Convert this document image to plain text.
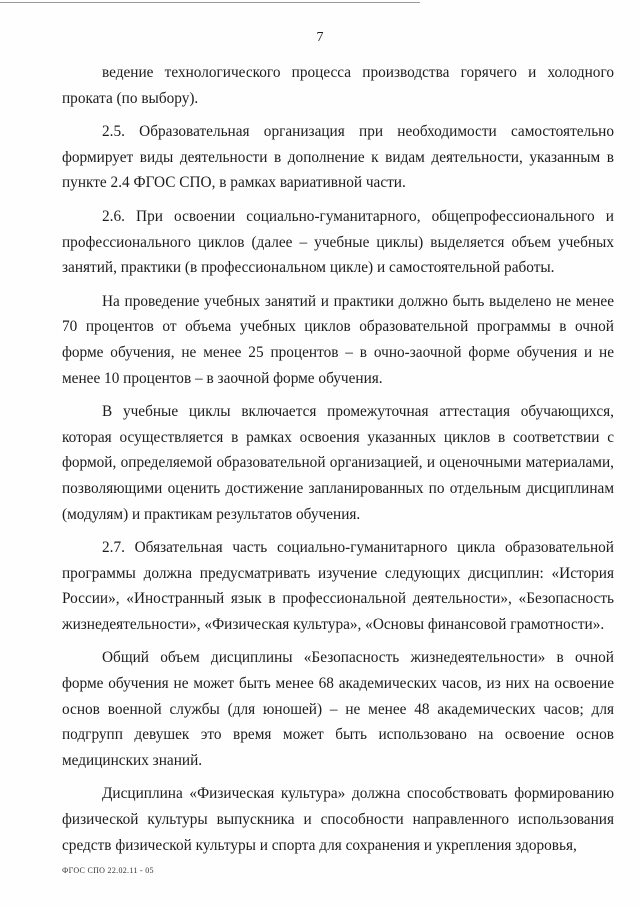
7

ведение технологического процесса производства горячего и холодного проката (по выбору).

2.5. Образовательная организация при необходимости самостоятельно формирует виды деятельности в дополнение к видам деятельности, указанным в пункте 2.4 ФГОС СПО, в рамках вариативной части.

2.6. При освоении социально-гуманитарного, общепрофессионального и профессионального циклов (далее – учебные циклы) выделяется объем учебных занятий, практики (в профессиональном цикле) и самостоятельной работы.

На проведение учебных занятий и практики должно быть выделено не менее 70 процентов от объема учебных циклов образовательной программы в очной форме обучения, не менее 25 процентов – в очно-заочной форме обучения и не менее 10 процентов – в заочной форме обучения.

В учебные циклы включается промежуточная аттестация обучающихся, которая осуществляется в рамках освоения указанных циклов в соответствии с формой, определяемой образовательной организацией, и оценочными материалами, позволяющими оценить достижение запланированных по отдельным дисциплинам (модулям) и практикам результатов обучения.

2.7. Обязательная часть социально-гуманитарного цикла образовательной программы должна предусматривать изучение следующих дисциплин: «История России», «Иностранный язык в профессиональной деятельности», «Безопасность жизнедеятельности», «Физическая культура», «Основы финансовой грамотности».

Общий объем дисциплины «Безопасность жизнедеятельности» в очной форме обучения не может быть менее 68 академических часов, из них на освоение основ военной службы (для юношей) – не менее 48 академических часов; для подгрупп девушек это время может быть использовано на освоение основ медицинских знаний.

Дисциплина «Физическая культура» должна способствовать формированию физической культуры выпускника и способности направленного использования средств физической культуры и спорта для сохранения и укрепления здоровья,

ФГОС СПО 22.02.11 - 05
